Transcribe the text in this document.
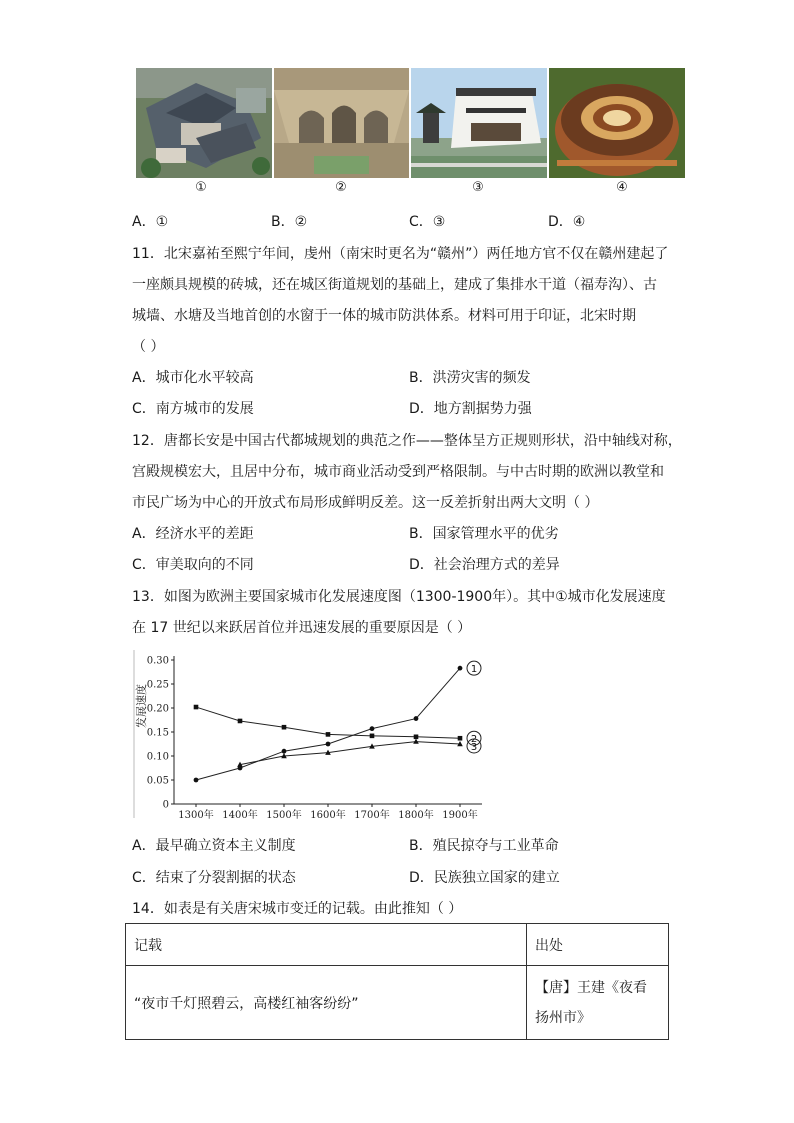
①	②	③	④
A．①	B．②	C．③	D．④
11．北宋嘉祐至熙宁年间，虔州（南宋时更名为“赣州”）两任地方官不仅在赣州建起了
一座颇具规模的砖城，还在城区街道规划的基础上，建成了集排水干道（福寿沟）、古
城墙、水塘及当地首创的水窗于一体的城市防洪体系。材料可用于印证，北宋时期
（ ）
A．城市化水平较高	B．洪涝灾害的频发
C．南方城市的发展	D．地方割据势力强
12．唐都长安是中国古代都城规划的典范之作——整体呈方正规则形状，沿中轴线对称，
宫殿规模宏大，且居中分布，城市商业活动受到严格限制。与中古时期的欧洲以教堂和
市民广场为中心的开放式布局形成鲜明反差。这一反差折射出两大文明（ ）
A．经济水平的差距	B．国家管理水平的优劣
C．审美取向的不同	D．社会治理方式的差异
13．如图为欧洲主要国家城市化发展速度图（1300-1900年）。其中①城市化发展速度
在 17 世纪以来跃居首位并迅速发展的重要原因是（ ）
0
0.05
0.10
0.15
0.20
0.25
0.30
1300年 1400年 1500年 1600年 1700年 1800年 1900年
发展速度
1
2
3
A．最早确立资本主义制度	B．殖民掠夺与工业革命
C．结束了分裂割据的状态	D．民族独立国家的建立
14．如表是有关唐宋城市变迁的记载。由此推知（ ）
记载	出处
“夜市千灯照碧云，高楼红袖客纷纷”	【唐】王建《夜看扬州市》
